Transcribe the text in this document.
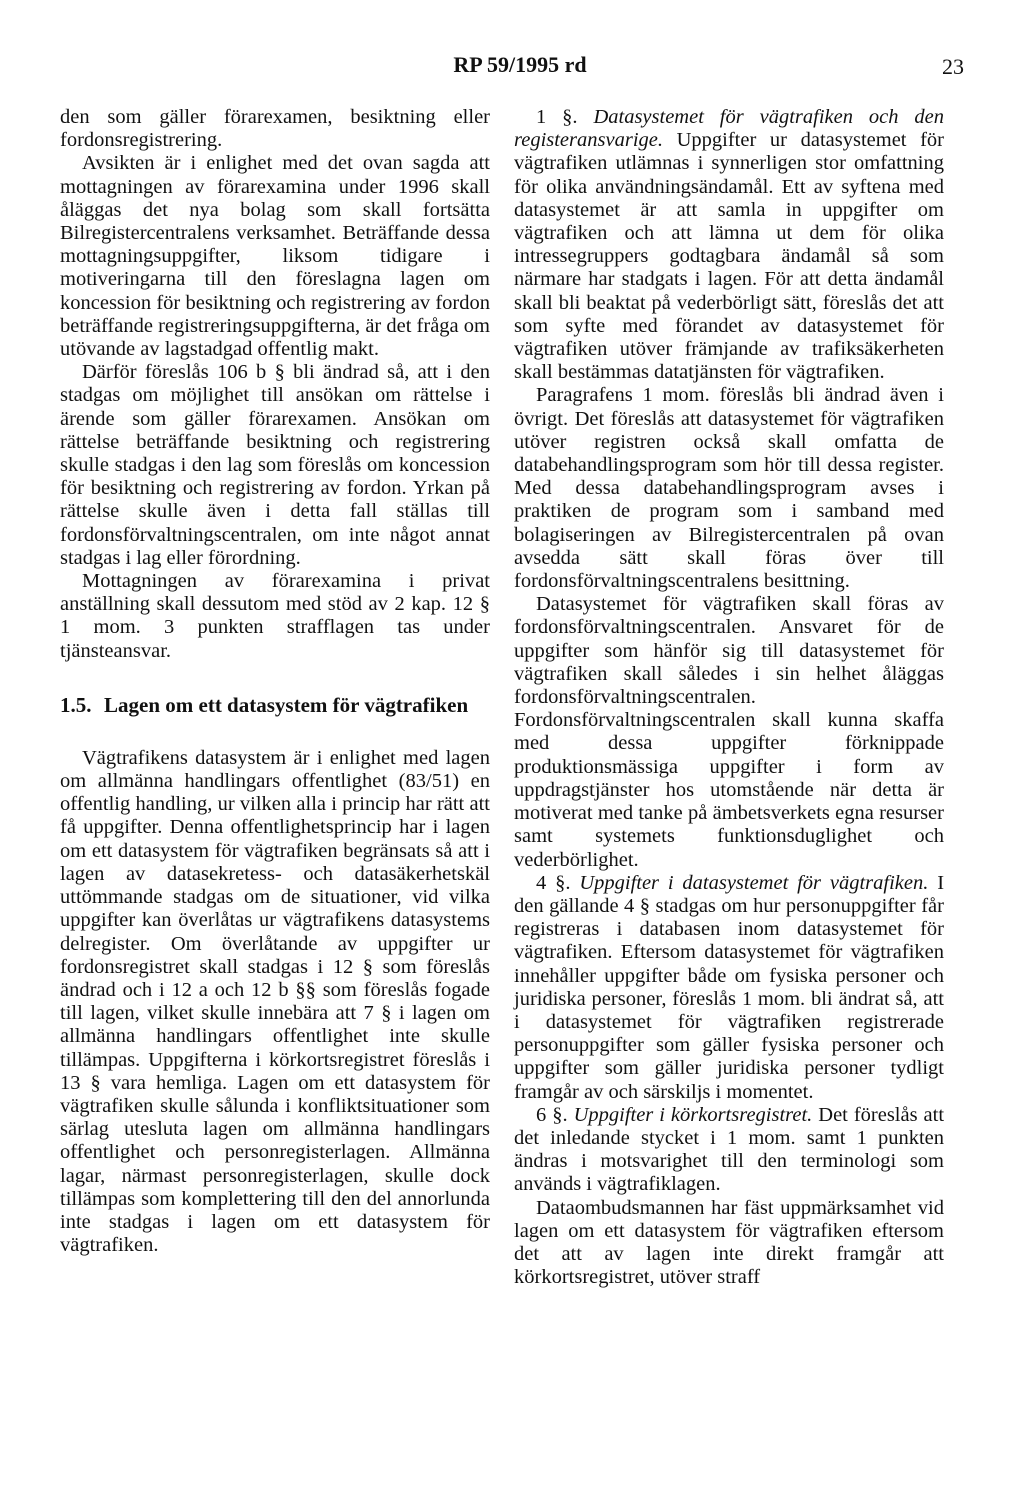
RP 59/1995 rd	23

den som gäller förarexamen, besiktning eller fordonsregistrering.

Avsikten är i enlighet med det ovan sagda att mottagningen av förarexamina under 1996 skall åläggas det nya bolag som skall fortsätta Bilregistercentralens verksamhet. Beträffande dessa mottagningsuppgifter, liksom tidigare i motiveringarna till den föreslagna lagen om koncession för besiktning och registrering av fordon beträffande registreringsuppgifterna, är det fråga om utövande av lagstadgad offentlig makt.

Därför föreslås 106 b § bli ändrad så, att i den stadgas om möjlighet till ansökan om rättelse i ärende som gäller förarexamen. Ansökan om rättelse beträffande besiktning och registrering skulle stadgas i den lag som föreslås om koncession för besiktning och registrering av fordon. Yrkan på rättelse skulle även i detta fall ställas till fordonsförvaltningscentralen, om inte något annat stadgas i lag eller förordning.

Mottagningen av förarexamina i privat anställning skall dessutom med stöd av 2 kap. 12 § 1 mom. 3 punkten strafflagen tas under tjänsteansvar.

1.5. Lagen om ett datasystem för vägtrafiken

Vägtrafikens datasystem är i enlighet med lagen om allmänna handlingars offentlighet (83/51) en offentlig handling, ur vilken alla i princip har rätt att få uppgifter. Denna offentlighetsprincip har i lagen om ett datasystem för vägtrafiken begränsats så att i lagen av datasekretess- och datasäkerhetskäl uttömmande stadgas om de situationer, vid vilka uppgifter kan överlåtas ur vägtrafikens datasystems delregister. Om överlåtande av uppgifter ur fordonsregistret skall stadgas i 12 § som föreslås ändrad och i 12 a och 12 b §§ som föreslås fogade till lagen, vilket skulle innebära att 7 § i lagen om allmänna handlingars offentlighet inte skulle tillämpas. Uppgifterna i körkortsregistret föreslås i 13 § vara hemliga. Lagen om ett datasystem för vägtrafiken skulle sålunda i konfliktsituationer som särlag utesluta lagen om allmänna handlingars offentlighet och personregisterlagen. Allmänna lagar, närmast personregisterlagen, skulle dock tillämpas som komplettering till den del annorlunda inte stadgas i lagen om ett datasystem för vägtrafiken.

1 §. Datasystemet för vägtrafiken och den registeransvarige. Uppgifter ur datasystemet för vägtrafiken utlämnas i synnerligen stor omfattning för olika användningsändamål. Ett av syftena med datasystemet är att samla in uppgifter om vägtrafiken och att lämna ut dem för olika intressegruppers godtagbara ändamål så som närmare har stadgats i lagen. För att detta ändamål skall bli beaktat på vederbörligt sätt, föreslås det att som syfte med förandet av datasystemet för vägtrafiken utöver främjande av trafiksäkerheten skall bestämmas datatjänsten för vägtrafiken.

Paragrafens 1 mom. föreslås bli ändrad även i övrigt. Det föreslås att datasystemet för vägtrafiken utöver registren också skall omfatta de databehandlingsprogram som hör till dessa register. Med dessa databehandlingsprogram avses i praktiken de program som i samband med bolagiseringen av Bilregistercentralen på ovan avsedda sätt skall föras över till fordonsförvaltningscentralens besittning.

Datasystemet för vägtrafiken skall föras av fordonsförvaltningscentralen. Ansvaret för de uppgifter som hänför sig till datasystemet för vägtrafiken skall således i sin helhet åläggas fordonsförvaltningscentralen. Fordonsförvaltningscentralen skall kunna skaffa med dessa uppgifter förknippade produktionsmässiga uppgifter i form av uppdragstjänster hos utomstående när detta är motiverat med tanke på ämbetsverkets egna resurser samt systemets funktionsduglighet och vederbörlighet.

4 §. Uppgifter i datasystemet för vägtrafiken. I den gällande 4 § stadgas om hur personuppgifter får registreras i databasen inom datasystemet för vägtrafiken. Eftersom datasystemet för vägtrafiken innehåller uppgifter både om fysiska personer och juridiska personer, föreslås 1 mom. bli ändrat så, att i datasystemet för vägtrafiken registrerade personuppgifter som gäller fysiska personer och uppgifter som gäller juridiska personer tydligt framgår av och särskiljs i momentet.

6 §. Uppgifter i körkortsregistret. Det föreslås att det inledande stycket i 1 mom. samt 1 punkten ändras i motsvarighet till den terminologi som används i vägtrafiklagen.

Dataombudsmannen har fäst uppmärksamhet vid lagen om ett datasystem för vägtrafiken eftersom det att av lagen inte direkt framgår att körkortsregistret, utöver straff
